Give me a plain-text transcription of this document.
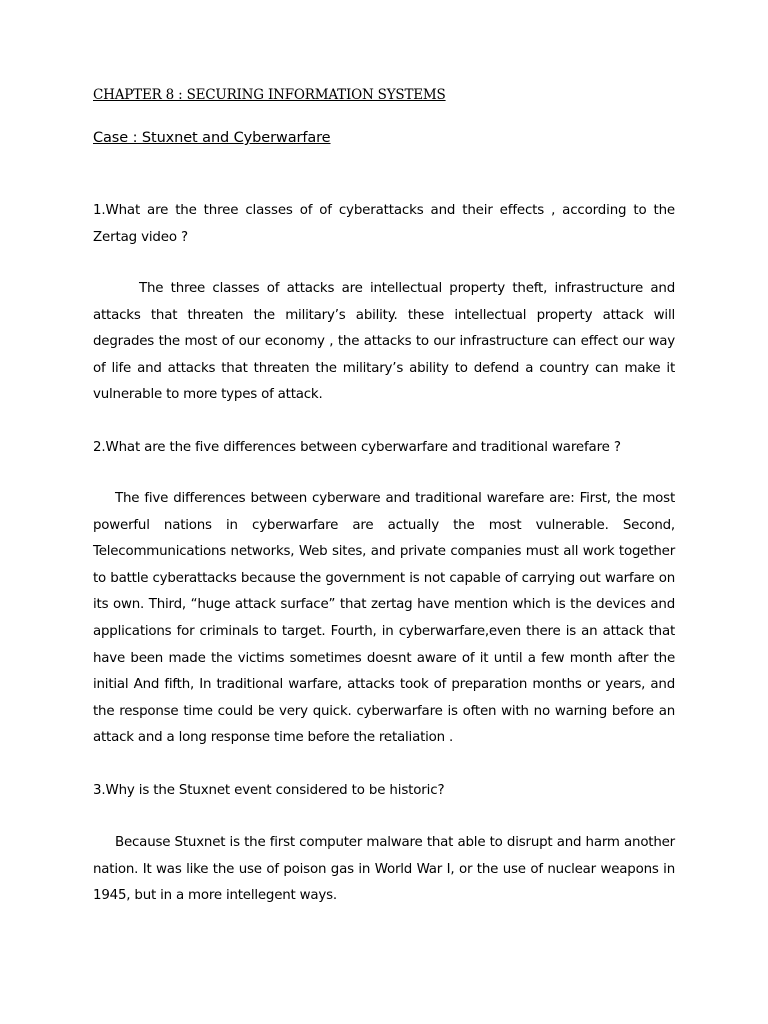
CHAPTER 8 : SECURING INFORMATION SYSTEMS
Case : Stuxnet and Cyberwarfare

1.What are the three classes of of cyberattacks and their effects , according to the Zertag video ?

The three classes of attacks are intellectual property theft, infrastructure and attacks that threaten the military’s ability. these intellectual property attack will degrades the most of our economy , the attacks to our infrastructure can effect our way of life and attacks that threaten the military’s ability to defend a country can make it vulnerable to more types of attack.

2.What are the five differences between cyberwarfare and traditional warefare ?

The five differences between cyberware and traditional warefare are: First, the most powerful nations in cyberwarfare are actually the most vulnerable. Second, Telecommunications networks, Web sites, and private companies must all work together to battle cyberattacks because the government is not capable of carrying out warfare on its own. Third, “huge attack surface” that zertag have mention which is the devices and applications for criminals to target. Fourth, in cyberwarfare,even there is an attack that have been made the victims sometimes doesnt aware of it until a few month after the initial And fifth, In traditional warfare, attacks took of preparation months or years, and the response time could be very quick. cyberwarfare is often with no warning before an attack and a long response time before the retaliation .

3.Why is the Stuxnet event considered to be historic?

Because Stuxnet is the first computer malware that able to disrupt and harm another nation. It was like the use of poison gas in World War I, or the use of nuclear weapons in 1945, but in a more intellegent ways.
